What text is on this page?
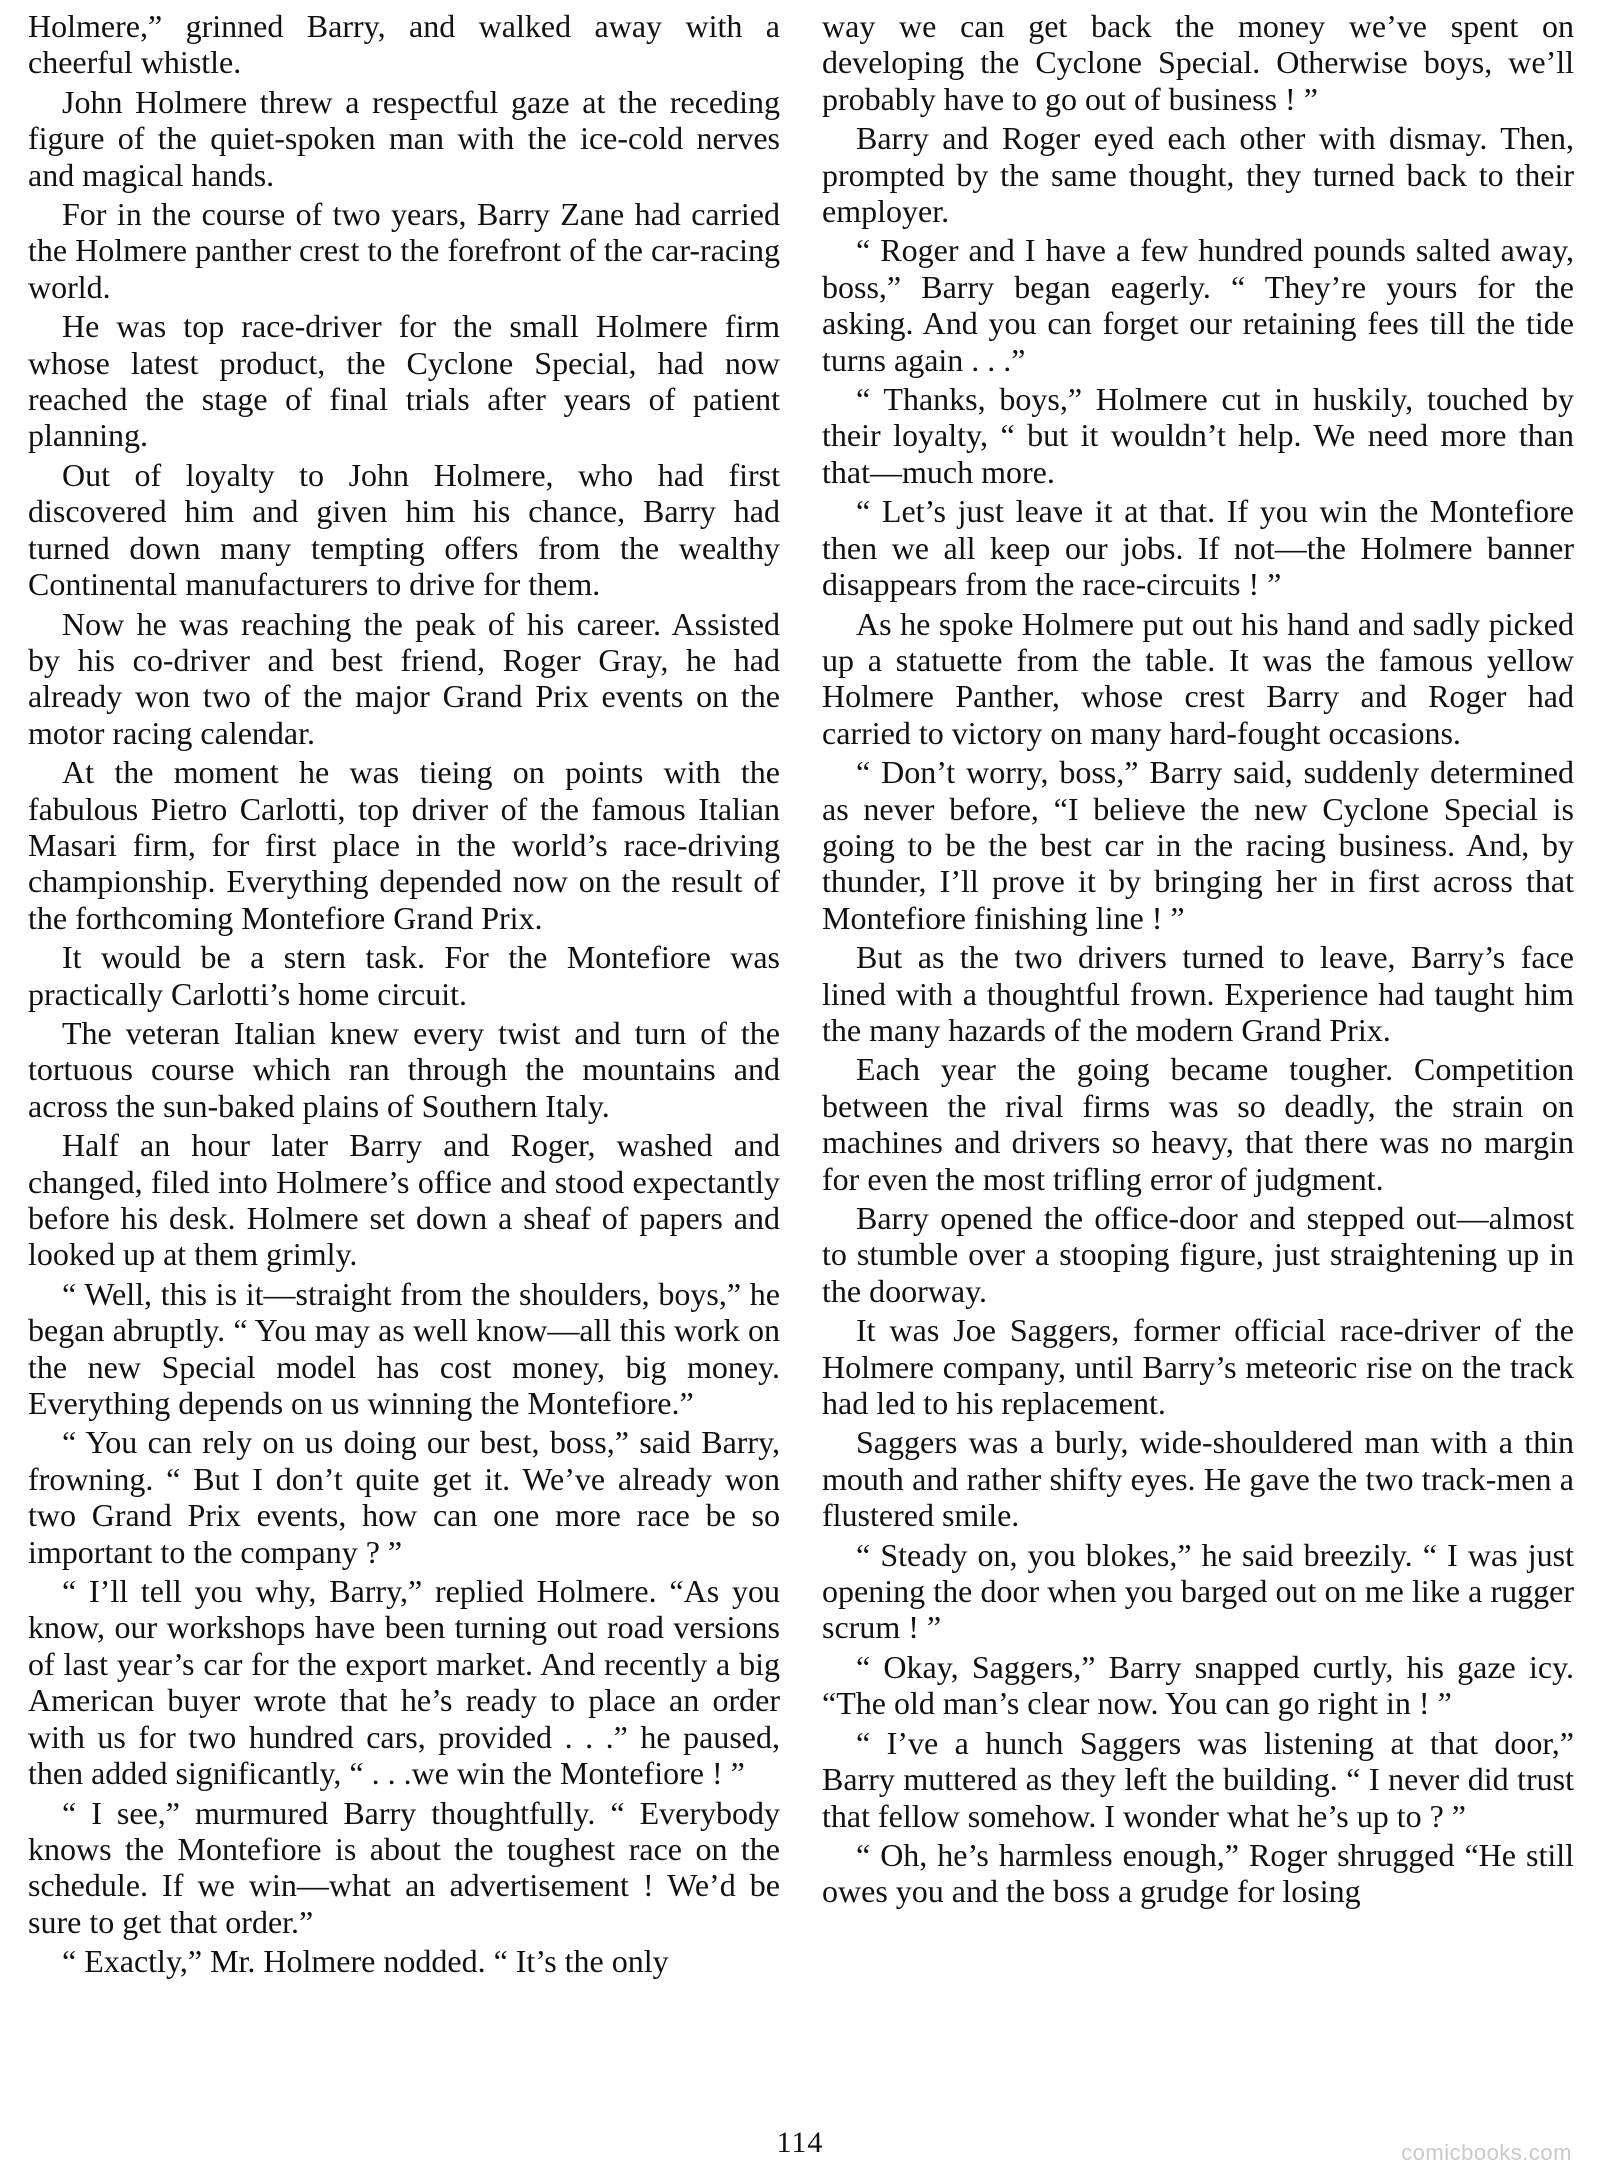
Holmere,” grinned Barry, and walked away with a cheerful whistle.

John Holmere threw a respectful gaze at the receding figure of the quiet-spoken man with the ice-cold nerves and magical hands.

For in the course of two years, Barry Zane had carried the Holmere panther crest to the forefront of the car-racing world.

He was top race-driver for the small Holmere firm whose latest product, the Cyclone Special, had now reached the stage of final trials after years of patient planning.

Out of loyalty to John Holmere, who had first discovered him and given him his chance, Barry had turned down many tempting offers from the wealthy Continental manufacturers to drive for them.

Now he was reaching the peak of his career. Assisted by his co-driver and best friend, Roger Gray, he had already won two of the major Grand Prix events on the motor racing calendar.

At the moment he was tieing on points with the fabulous Pietro Carlotti, top driver of the famous Italian Masari firm, for first place in the world’s race-driving championship. Everything depended now on the result of the forthcoming Montefiore Grand Prix.

It would be a stern task. For the Montefiore was practically Carlotti’s home circuit.

The veteran Italian knew every twist and turn of the tortuous course which ran through the mountains and across the sun-baked plains of Southern Italy.

Half an hour later Barry and Roger, washed and changed, filed into Holmere’s office and stood expectantly before his desk. Holmere set down a sheaf of papers and looked up at them grimly.

“ Well, this is it—straight from the shoulders, boys,” he began abruptly. “ You may as well know—all this work on the new Special model has cost money, big money. Everything depends on us winning the Montefiore.”

“ You can rely on us doing our best, boss,” said Barry, frowning. “ But I don’t quite get it. We’ve already won two Grand Prix events, how can one more race be so important to the company ? ”

“ I’ll tell you why, Barry,” replied Holmere. “As you know, our workshops have been turning out road versions of last year’s car for the export market. And recently a big American buyer wrote that he’s ready to place an order with us for two hundred cars, provided . . .” he paused, then added significantly, “ . . .we win the Montefiore ! ”

“ I see,” murmured Barry thoughtfully. “ Everybody knows the Montefiore is about the toughest race on the schedule. If we win—what an advertisement ! We’d be sure to get that order.”

“ Exactly,” Mr. Holmere nodded. “ It’s the only

way we can get back the money we’ve spent on developing the Cyclone Special. Otherwise boys, we’ll probably have to go out of business ! ”

Barry and Roger eyed each other with dismay. Then, prompted by the same thought, they turned back to their employer.

“ Roger and I have a few hundred pounds salted away, boss,” Barry began eagerly. “ They’re yours for the asking. And you can forget our retaining fees till the tide turns again . . .”

“ Thanks, boys,” Holmere cut in huskily, touched by their loyalty, “ but it wouldn’t help. We need more than that—much more.

“ Let’s just leave it at that. If you win the Montefiore then we all keep our jobs. If not—the Holmere banner disappears from the race-circuits ! ”

As he spoke Holmere put out his hand and sadly picked up a statuette from the table. It was the famous yellow Holmere Panther, whose crest Barry and Roger had carried to victory on many hard-fought occasions.

“ Don’t worry, boss,” Barry said, suddenly determined as never before, “I believe the new Cyclone Special is going to be the best car in the racing business. And, by thunder, I’ll prove it by bringing her in first across that Montefiore finishing line ! ”

But as the two drivers turned to leave, Barry’s face lined with a thoughtful frown. Experience had taught him the many hazards of the modern Grand Prix.

Each year the going became tougher. Competition between the rival firms was so deadly, the strain on machines and drivers so heavy, that there was no margin for even the most trifling error of judgment.

Barry opened the office-door and stepped out—almost to stumble over a stooping figure, just straightening up in the doorway.

It was Joe Saggers, former official race-driver of the Holmere company, until Barry’s meteoric rise on the track had led to his replacement.

Saggers was a burly, wide-shouldered man with a thin mouth and rather shifty eyes. He gave the two track-men a flustered smile.

“ Steady on, you blokes,” he said breezily. “ I was just opening the door when you barged out on me like a rugger scrum ! ”

“ Okay, Saggers,” Barry snapped curtly, his gaze icy. “The old man’s clear now. You can go right in ! ”

“ I’ve a hunch Saggers was listening at that door,” Barry muttered as they left the building. “ I never did trust that fellow somehow. I wonder what he’s up to ? ”

“ Oh, he’s harmless enough,” Roger shrugged “He still owes you and the boss a grudge for losing

114	comicbooks.com
